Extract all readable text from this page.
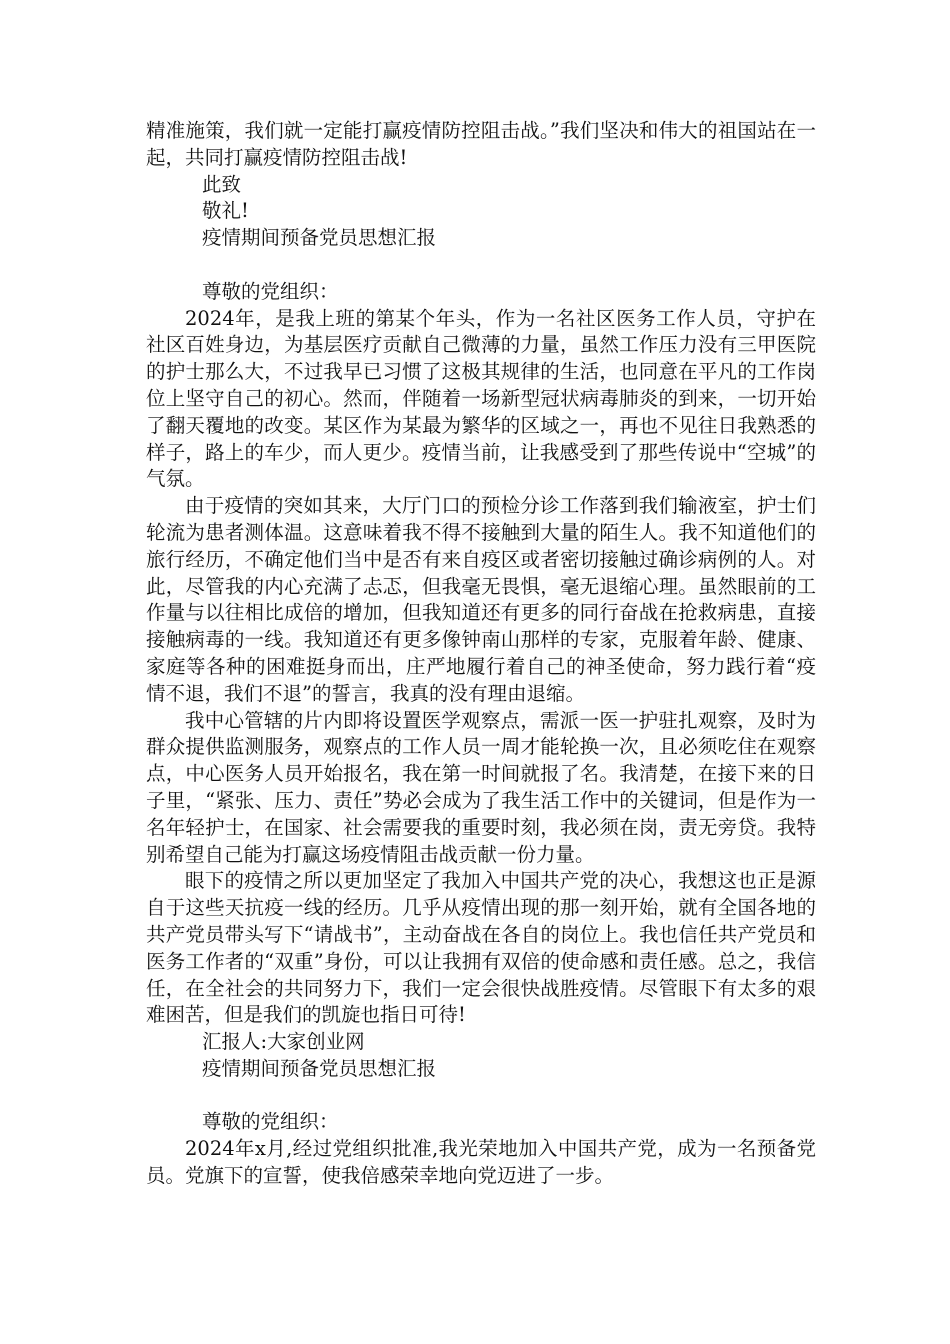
精准施策，我们就一定能打赢疫情防控阻击战。”我们坚决和伟大的祖国站在一起，共同打赢疫情防控阻击战!

此致

敬礼!

疫情期间预备党员思想汇报

尊敬的党组织：

2024年，是我上班的第某个年头，作为一名社区医务工作人员，守护在社区百姓身边，为基层医疗贡献自己微薄的力量，虽然工作压力没有三甲医院的护士那么大，不过我早已习惯了这极其规律的生活，也同意在平凡的工作岗位上坚守自己的初心。然而，伴随着一场新型冠状病毒肺炎的到来，一切开始了翻天覆地的改变。某区作为某最为繁华的区域之一，再也不见往日我熟悉的样子，路上的车少，而人更少。疫情当前，让我感受到了那些传说中“空城”的气氛。

由于疫情的突如其来，大厅门口的预检分诊工作落到我们输液室，护士们轮流为患者测体温。这意味着我不得不接触到大量的陌生人。我不知道他们的旅行经历，不确定他们当中是否有来自疫区或者密切接触过确诊病例的人。对此，尽管我的内心充满了忐忑，但我毫无畏惧，毫无退缩心理。虽然眼前的工作量与以往相比成倍的增加，但我知道还有更多的同行奋战在抢救病患，直接接触病毒的一线。我知道还有更多像钟南山那样的专家，克服着年龄、健康、家庭等各种的困难挺身而出，庄严地履行着自己的神圣使命，努力践行着“疫情不退，我们不退”的誓言，我真的没有理由退缩。

我中心管辖的片内即将设置医学观察点，需派一医一护驻扎观察，及时为群众提供监测服务，观察点的工作人员一周才能轮换一次，且必须吃住在观察点，中心医务人员开始报名，我在第一时间就报了名。我清楚，在接下来的日子里，“紧张、压力、责任”势必会成为了我生活工作中的关键词，但是作为一名年轻护士，在国家、社会需要我的重要时刻，我必须在岗，责无旁贷。我特别希望自己能为打赢这场疫情阻击战贡献一份力量。

眼下的疫情之所以更加坚定了我加入中国共产党的决心，我想这也正是源自于这些天抗疫一线的经历。几乎从疫情出现的那一刻开始，就有全国各地的共产党员带头写下“请战书”，主动奋战在各自的岗位上。我也信任共产党员和医务工作者的“双重”身份，可以让我拥有双倍的使命感和责任感。总之，我信任，在全社会的共同努力下，我们一定会很快战胜疫情。尽管眼下有太多的艰难困苦，但是我们的凯旋也指日可待!

汇报人:大家创业网

疫情期间预备党员思想汇报

尊敬的党组织：

2024年x月,经过党组织批准,我光荣地加入中国共产党，成为一名预备党员。党旗下的宣誓，使我倍感荣幸地向党迈进了一步。
